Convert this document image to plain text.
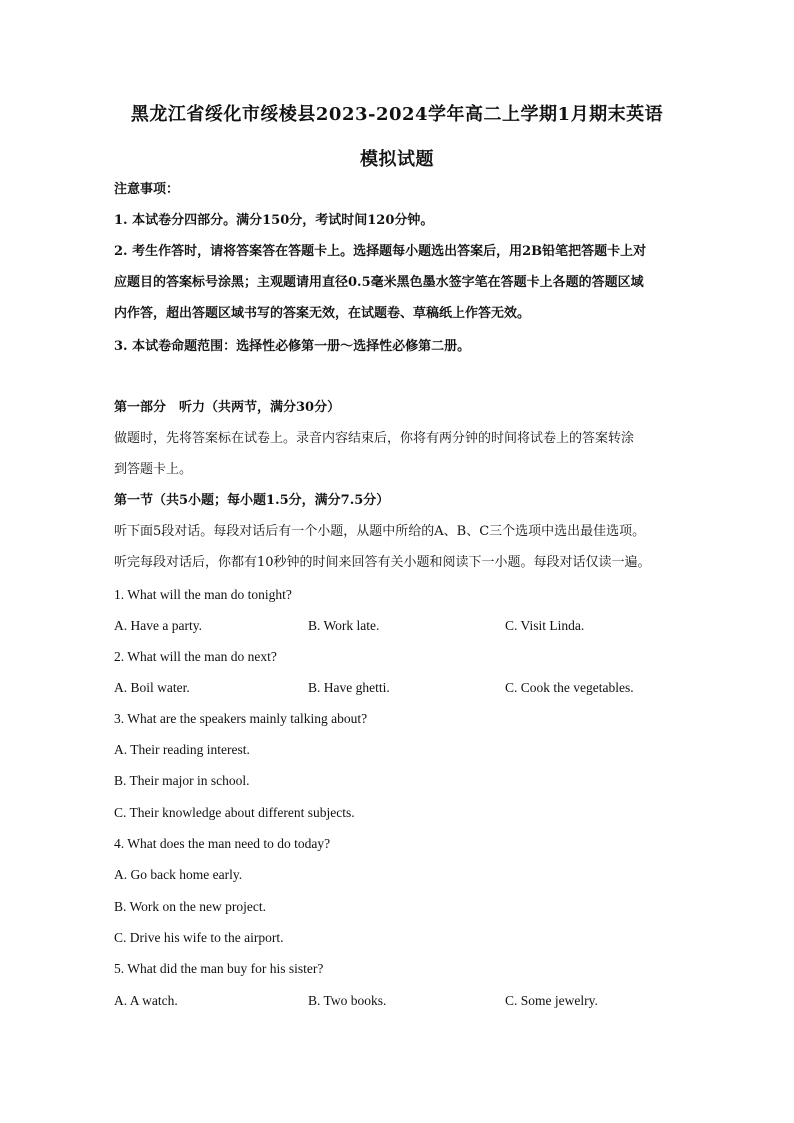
黑龙江省绥化市绥棱县2023-2024学年高二上学期1月期末英语
模拟试题
注意事项：
1. 本试卷分四部分。满分150分，考试时间120分钟。
2. 考生作答时，请将答案答在答题卡上。选择题每小题选出答案后，用2B铅笔把答题卡上对
应题目的答案标号涂黑；主观题请用直径0.5毫米黑色墨水签字笔在答题卡上各题的答题区域
内作答，超出答题区域书写的答案无效，在试题卷、草稿纸上作答无效。
3. 本试卷命题范围：选择性必修第一册～选择性必修第二册。
第一部分　听力（共两节，满分30分）
做题时，先将答案标在试卷上。录音内容结束后，你将有两分钟的时间将试卷上的答案转涂
到答题卡上。
第一节（共5小题；每小题1.5分，满分7.5分）
听下面5段对话。每段对话后有一个小题，从题中所给的A、B、C三个选项中选出最佳选项。
听完每段对话后，你都有10秒钟的时间来回答有关小题和阅读下一小题。每段对话仅读一遍。
1. What will the man do tonight?
A. Have a party.	B. Work late.	C. Visit Linda.
2. What will the man do next?
A. Boil water.	B. Have ghetti.	C. Cook the vegetables.
3. What are the speakers mainly talking about?
A. Their reading interest.
B. Their major in school.
C. Their knowledge about different subjects.
4. What does the man need to do today?
A. Go back home early.
B. Work on the new project.
C. Drive his wife to the airport.
5. What did the man buy for his sister?
A. A watch.	B. Two books.	C. Some jewelry.
